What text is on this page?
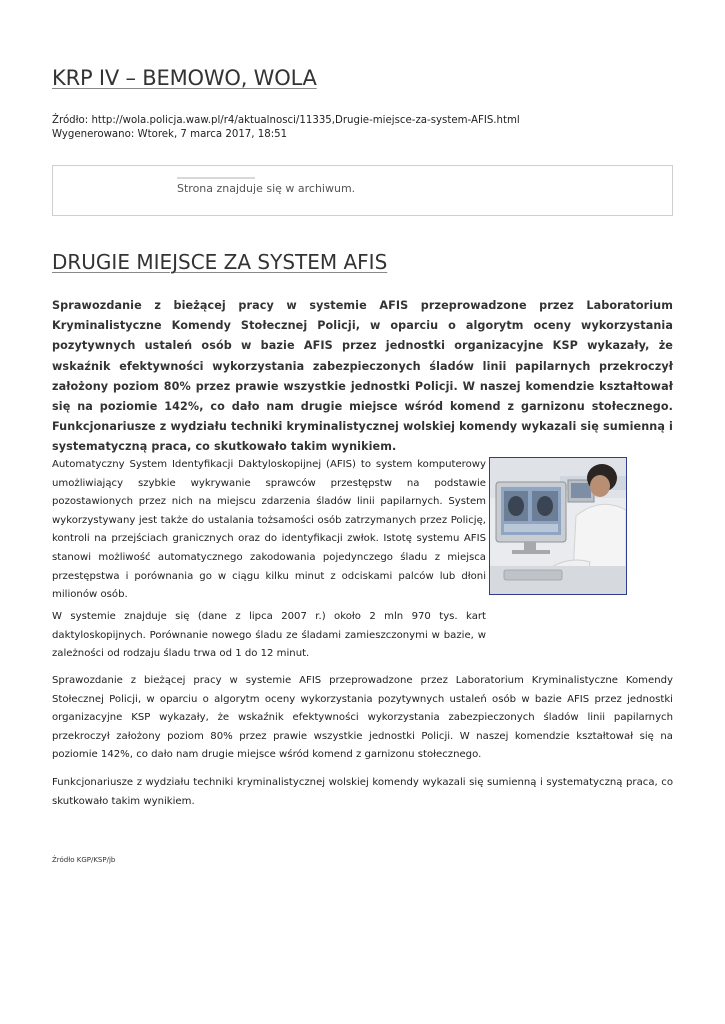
KRP IV – BEMOWO, WOLA
Źródło: http://wola.policja.waw.pl/r4/aktualnosci/11335,Drugie-miejsce-za-system-AFIS.html
Wygenerowano: Wtorek, 7 marca 2017, 18:51
Strona znajduje się w archiwum.
DRUGIE MIEJSCE ZA SYSTEM AFIS
Sprawozdanie z bieżącej pracy w systemie AFIS przeprowadzone przez Laboratorium Kryminalistyczne Komendy Stołecznej Policji, w oparciu o algorytm oceny wykorzystania pozytywnych ustaleń osób w bazie AFIS przez jednostki organizacyjne KSP wykazały, że wskaźnik efektywności wykorzystania zabezpieczonych śladów linii papilarnych przekroczył założony poziom 80% przez prawie wszystkie jednostki Policji. W naszej komendzie kształtował się na poziomie 142%, co dało nam drugie miejsce wśród komend z garnizonu stołecznego. Funkcjonariusze z wydziału techniki kryminalistycznej wolskiej komendy wykazali się sumienną i systematyczną praca, co skutkowało takim wynikiem.
Automatyczny System Identyfikacji Daktyloskopijnej (AFIS) to system komputerowy umożliwiający szybkie wykrywanie sprawców przestępstw na podstawie pozostawionych przez nich na miejscu zdarzenia śladów linii papilarnych. System wykorzystywany jest także do ustalania tożsamości osób zatrzymanych przez Policję, kontroli na przejściach granicznych oraz do identyfikacji zwłok. Istotę systemu AFIS stanowi możliwość automatycznego zakodowania pojedynczego śladu z miejsca przestępstwa i porównania go w ciągu kilku minut z odciskami palców lub dłoni milionów osób.
W systemie znajduje się (dane z lipca 2007 r.) około 2 mln 970 tys. kart daktyloskopijnych. Porównanie nowego śladu ze śladami zamieszczonymi w bazie, w zależności od rodzaju śladu trwa od 1 do 12 minut.
Sprawozdanie z bieżącej pracy w systemie AFIS przeprowadzone przez Laboratorium Kryminalistyczne Komendy Stołecznej Policji, w oparciu o algorytm oceny wykorzystania pozytywnych ustaleń osób w bazie AFIS przez jednostki organizacyjne KSP wykazały, że wskaźnik efektywności wykorzystania zabezpieczonych śladów linii papilarnych przekroczył założony poziom 80% przez prawie wszystkie jednostki Policji. W naszej komendzie kształtował się na poziomie 142%, co dało nam drugie miejsce wśród komend z garnizonu stołecznego.
Funkcjonariusze z wydziału techniki kryminalistycznej wolskiej komendy wykazali się sumienną i systematyczną praca, co skutkowało takim wynikiem.
Źródło KGP/KSP/jb
